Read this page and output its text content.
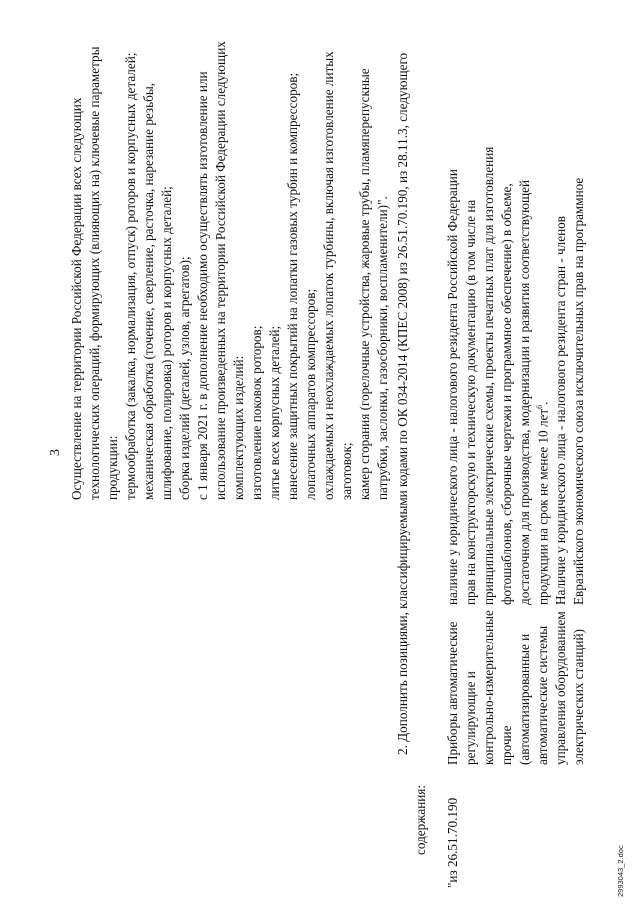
3 Осуществление на территории Российской Федерации всех следующих технологических операций, формирующих (влияющих на) ключевые параметры продукции: термообработка (закалка, нормализация, отпуск) роторов и корпусных деталей; механическая обработка (точение, сверление, расточка, нарезание резьбы, шлифование, полировка) роторов и корпусных деталей; сборка изделий (деталей, узлов, агрегатов); с 1 января 2021 г. в дополнение необходимо осуществлять изготовление или использование произведенных на территории Российской Федерации следующих комплектующих изделий: изготовление поковок роторов; литье всех корпусных деталей; нанесение защитных покрытий на лопатки газовых турбин и компрессоров; лопаточных аппаратов компрессоров; охлаждаемых и неохлаждаемых лопаток турбины, включая изготовление литых заготовок; камер сгорания (горелочные устройства, жаровые трубы, пламяперепускные патрубки, заслонки, газосборники, воспламенители)". 2. Дополнить позициями, классифицируемыми кодами по ОК 034-2014 (КПЕС 2008) из 26.51.70.190, из 28.11.3, следующего
содержания: "из 26.51.70.190
Приборы автоматические регулирующие и контрольно-измерительные прочие (автоматизированные и автоматические системы управления оборудованием электрических станций)
наличие у юридического лица - налогового резидента Российской Федерации прав на конструкторскую и техническую документацию (в том числе на принципиальные электрические схемы, проекты печатных плат для изготовления фотошаблонов, сборочные чертежи и программное обеспечение) в объеме, достаточном для производства, модернизации и развития соответствующей продукции на срок не менее 10 лет$^6$. Наличие у юридического лица - налогового резидента стран - членов Евразийского экономического союза исключительных прав на программное
2993043_2.doc
